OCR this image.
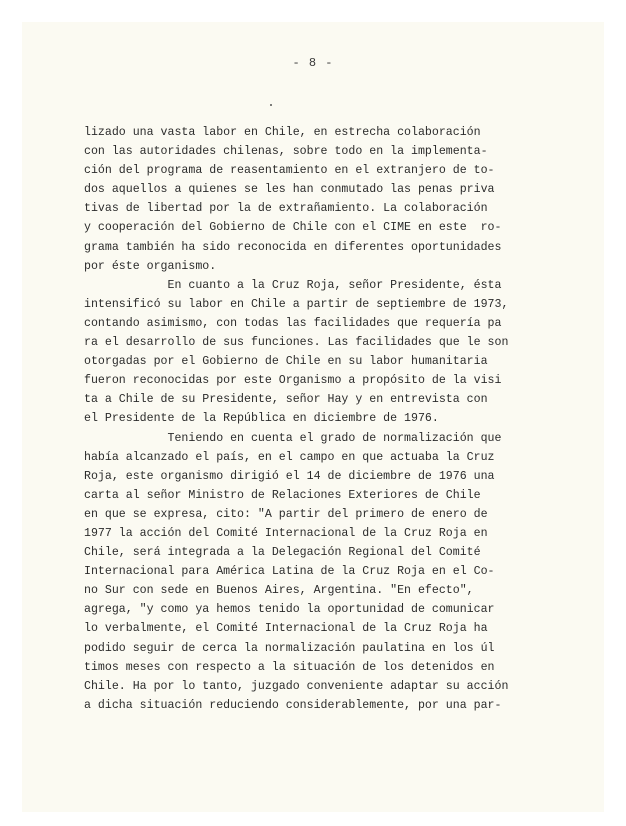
- 8 -
lizado una vasta labor en Chile, en estrecha colaboración
con las autoridades chilenas, sobre todo en la implementa-
ción del programa de reasentamiento en el extranjero de to-
dos aquellos a quienes se les han conmutado las penas priva
tivas de libertad por la de extrañamiento. La colaboración
y cooperación del Gobierno de Chile con el CIME en este  ro-
grama también ha sido reconocida en diferentes oportunidades
por éste organismo.
En cuanto a la Cruz Roja, señor Presidente, ésta
intensificó su labor en Chile a partir de septiembre de 1973,
contando asimismo, con todas las facilidades que requería pa
ra el desarrollo de sus funciones. Las facilidades que le son
otorgadas por el Gobierno de Chile en su labor humanitaria
fueron reconocidas por este Organismo a propósito de la visi
ta a Chile de su Presidente, señor Hay y en entrevista con
el Presidente de la República en diciembre de 1976.
Teniendo en cuenta el grado de normalización que
había alcanzado el país, en el campo en que actuaba la Cruz
Roja, este organismo dirigió el 14 de diciembre de 1976 una
carta al señor Ministro de Relaciones Exteriores de Chile
en que se expresa, cito: "A partir del primero de enero de
1977 la acción del Comité Internacional de la Cruz Roja en
Chile, será integrada a la Delegación Regional del Comité
Internacional para América Latina de la Cruz Roja en el Co-
no Sur con sede en Buenos Aires, Argentina. "En efecto",
agrega, "y como ya hemos tenido la oportunidad de comunicar
lo verbalmente, el Comité Internacional de la Cruz Roja ha
podido seguir de cerca la normalización paulatina en los úl
timos meses con respecto a la situación de los detenidos en
Chile. Ha por lo tanto, juzgado conveniente adaptar su acción
a dicha situación reduciendo considerablemente, por una par-
